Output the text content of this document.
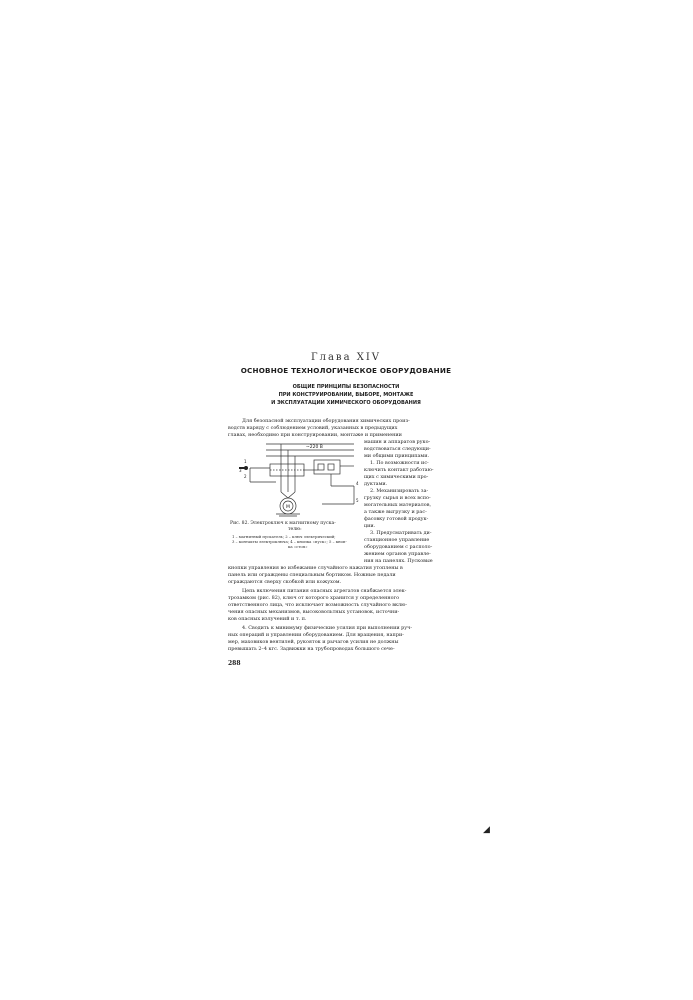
Глава XIV
ОСНОВНОЕ ТЕХНОЛОГИЧЕСКОЕ ОБОРУДОВАНИЕ
ОБЩИЕ ПРИНЦИПЫ БЕЗОПАСНОСТИ
ПРИ КОНСТРУИРОВАНИИ, ВЫБОРЕ, МОНТАЖЕ
И ЭКСПЛУАТАЦИИ ХИМИЧЕСКОГО ОБОРУДОВАНИЯ
Для безопасной эксплуатации оборудования химических произ-
водств наряду с соблюдением условий, указанных в предыдущих
главах, необходимо при конструировании, монтаже и применении
~220 В
М
1
2
3
4
5
Рис. 82. Электроключ к магнитному пуска-
телю:
1 – магнитный пускатель; 2 – ключ электрический;
3 – контакты электроключа; 4 – кнопка «пуск»; 5 – кноп-
ка «стоп»
машин и аппаратов руко-
водствоваться следующи-
ми общими принципами.
1. По возможности ис-
ключить контакт работаю-
щих с химическими про-
дуктами.
2. Механизировать за-
грузку сырья и всех вспо-
могательных материалов,
а также выгрузку и рас-
фасовку готовой продук-
ции.
3. Предусматривать ди-
станционное управление
оборудованием с располо-
жением органов управле-
ния на панелях. Пусковые
кнопки управления во избежание случайного нажатия утоплены в
панель или ограждены специальным бортиком. Ножные педали
ограждаются сверху скобкой или кожухом.
Цепь включения питания опасных агрегатов снабжается элек-
трозамком (рис. 82), ключ от которого хранится у определенного
ответственного лица, что исключает возможность случайного вклю-
чения опасных механизмов, высоковольтных установок, источни-
ков опасных излучений и т. п.
4. Сводить к минимуму физические усилия при выполнении руч-
ных операций и управлении оборудованием. Для вращения, напри-
мер, маховиков вентилей, рукояток и рычагов усилия не должны
превышать 2–4 кгс. Задвижки на трубопроводах большого сече-
288
◢
